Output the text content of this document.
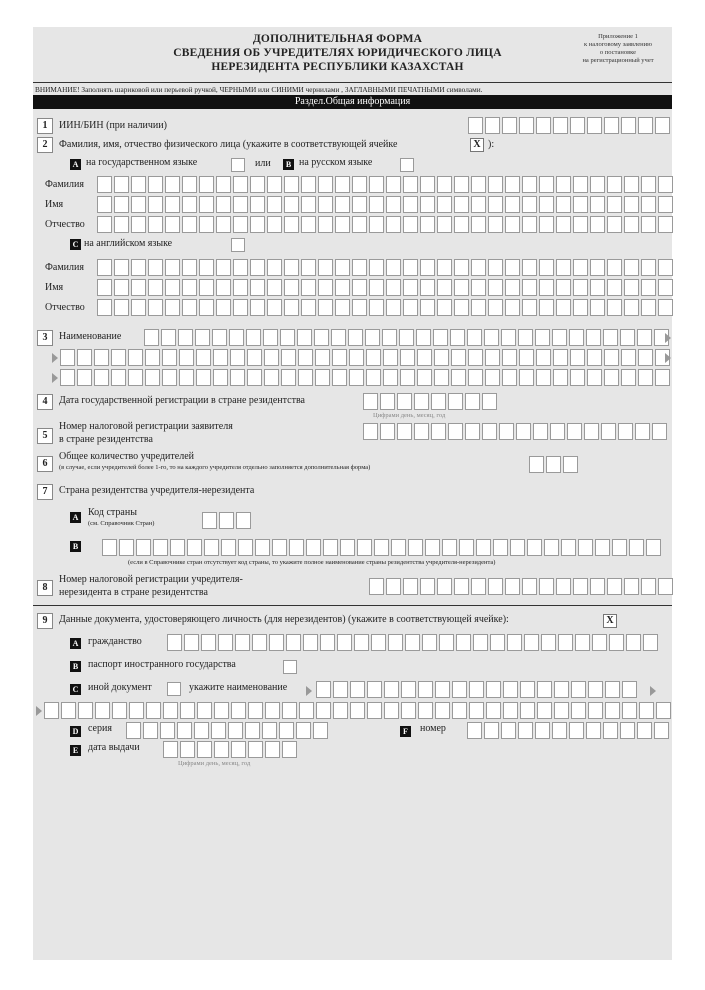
ДОПОЛНИТЕЛЬНАЯ ФОРМА
СВЕДЕНИЯ ОБ УЧРЕДИТЕЛЯХ ЮРИДИЧЕСКОГО ЛИЦА
НЕРЕЗИДЕНТА РЕСПУБЛИКИ КАЗАХСТАН
Приложение 1
к налоговому заявлению
о постановке
на регистрационный учет
ВНИМАНИЕ! Заполнять шариковой или перьевой ручкой, ЧЕРНЫМИ или СИНИМИ чернилами , ЗАГЛАВНЫМИ ПЕЧАТНЫМИ символами.
Раздел.Общая информация
1	ИИН/БИН (при наличии)
2	Фамилия, имя, отчество физического лица (укажите в соответствующей ячейке	X ):
A на государственном языке	или	B на русском языке
Фамилия
Имя
Отчество
C на английском языке
Фамилия
Имя
Отчество
3	Наименование
4	Дата государственной регистрации в стране резидентства
Цифрами день, месяц, год
5
Номер налоговой регистрации заявителя
в стране резидентства
6
Общее количество учредителей
(в случае, если учредителей более 1-го, то на каждого учредителя отдельно заполняется дополнительная форма)
7	Страна резидентства учредителя-нерезидента
A Код страны
(см. Справочник Стран)
B
(если в Справочнике стран отсутствует код страны, то укажите полное наименование страны резидентства учредителя-нерезидента)
8
Номер налоговой регистрации учредителя-
нерезидента в стране резидентства
9	Данные документа, удостоверяющего личность (для нерезидентов) (укажите в соответствующей ячейке):	X
A гражданство
B паспорт иностранного государства
C иной документ	укажите наименование
D серия	F	номер
E дата выдачи
Цифрами день, месяц, год
